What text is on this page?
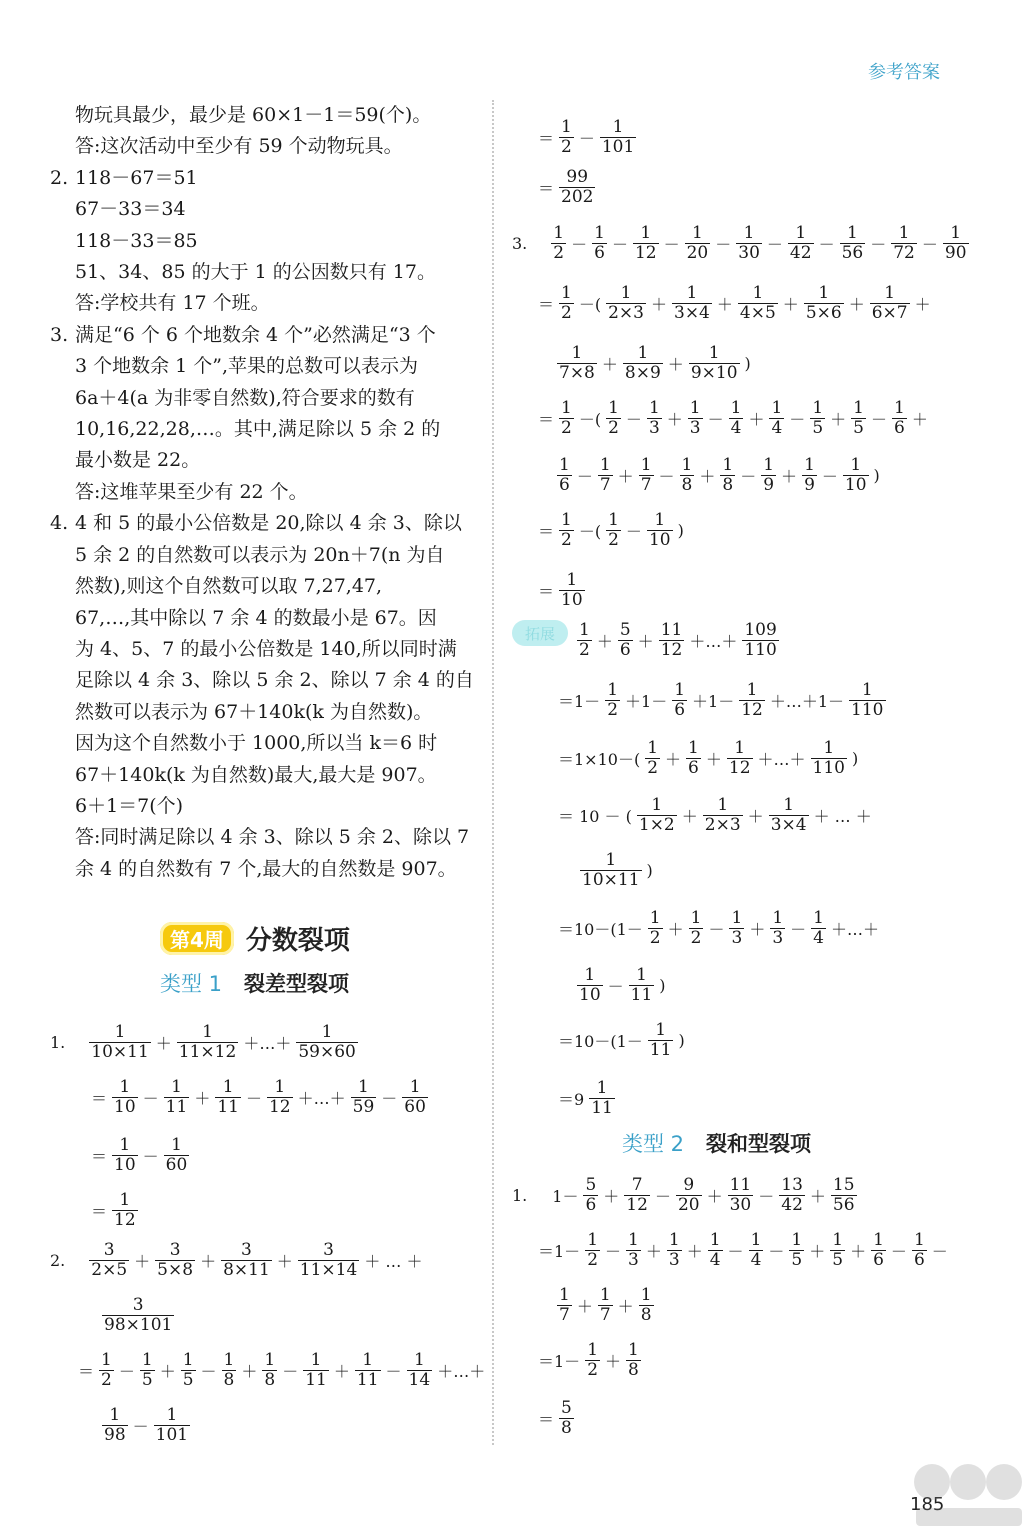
参考答案
物玩具最少，最少是 60×1－1＝59(个)。
答:这次活动中至少有 59 个动物玩具。
2. 118－67＝51
67－33＝34
118－33＝85
51、34、85 的大于 1 的公因数只有 17。
答:学校共有 17 个班。
3. 满足“6 个 6 个地数余 4 个”必然满足“3 个
3 个地数余 1 个”,苹果的总数可以表示为
6a＋4(a 为非零自然数),符合要求的数有
10,16,22,28,…。其中,满足除以 5 余 2 的
最小数是 22。
答:这堆苹果至少有 22 个。
4. 4 和 5 的最小公倍数是 20,除以 4 余 3、除以
5 余 2 的自然数可以表示为 20n＋7(n 为自
然数),则这个自然数可以取 7,27,47,
67,…,其中除以 7 余 4 的数最小是 67。因
为 4、5、7 的最小公倍数是 140,所以同时满
足除以 4 余 3、除以 5 余 2、除以 7 余 4 的自
然数可以表示为 67＋140k(k 为自然数)。
因为这个自然数小于 1000,所以当 k＝6 时
67＋140k(k 为自然数)最大,最大是 907。
6＋1＝7(个)
答:同时满足除以 4 余 3、除以 5 余 2、除以 7
余 4 的自然数有 7 个,最大的自然数是 907。
第4周 分数裂项
类型 1 裂差型裂项
类型 2 裂和型裂项
拓展
＝ $\frac{1}{2} - \frac{1}{101}$
＝ $\frac{99}{202}$
3. $\frac{1}{2} - \frac{1}{6} - \frac{1}{12} - \frac{1}{20} - \frac{1}{30} - \frac{1}{42} - \frac{1}{56} - \frac{1}{72} - \frac{1}{90}$
＝ $\frac{1}{2}$ －( $\frac{1}{2\times 3} + \frac{1}{3\times 4} + \frac{1}{4\times 5} + \frac{1}{5\times 6} + \frac{1}{6\times 7}$ ＋
$\frac{1}{7\times 8} + \frac{1}{8\times 9} + \frac{1}{9\times 10}$ )
＝ $\frac{1}{2}$ －( $\frac{1}{2} - \frac{1}{3} + \frac{1}{3} - \frac{1}{4} + \frac{1}{4} - \frac{1}{5} + \frac{1}{5} - \frac{1}{6}$ ＋
$\frac{1}{6} - \frac{1}{7} + \frac{1}{7} - \frac{1}{8} + \frac{1}{8} - \frac{1}{9} + \frac{1}{9} - \frac{1}{10}$ )
＝ $\frac{1}{2}$ －( $\frac{1}{2} - \frac{1}{10}$ )
＝ $\frac{1}{10}$
$\frac{1}{2} + \frac{5}{6} + \frac{11}{12}$ ＋…＋ $\frac{109}{110}$
$=1- \frac{1}{2} +1- \frac{1}{6} +1- \frac{1}{12}$ ＋…＋1－ $\frac{1}{110}$
$=1\times 10-( \frac{1}{2} + \frac{1}{6} + \frac{1}{12}$ ＋…＋ $\frac{1}{110}$ )
＝ 10 － ( $\frac{1}{1\times 2} + \frac{1}{2\times 3} + \frac{1}{3\times 4}$ ＋ … ＋
$\frac{1}{10\times 11}$ )
$=10-(1- \frac{1}{2} + \frac{1}{2} - \frac{1}{3} + \frac{1}{3} - \frac{1}{4}$ ＋…＋
$\frac{1}{10} - \frac{1}{11}$ )
$=10-(1- \frac{1}{11}$ )
$=9 \frac{1}{11}$
1. $1- \frac{5}{6} + \frac{7}{12} - \frac{9}{20} + \frac{11}{30} - \frac{13}{42} + \frac{15}{56}$
$=1- \frac{1}{2} - \frac{1}{3} + \frac{1}{3} + \frac{1}{4} - \frac{1}{4} - \frac{1}{5} + \frac{1}{5} + \frac{1}{6} - \frac{1}{6}$ －
$\frac{1}{7} + \frac{1}{7} + \frac{1}{8}$
$=1- \frac{1}{2} + \frac{1}{8}$
＝ $\frac{5}{8}$
1. $\frac{1}{10\times 11} + \frac{1}{11\times 12}$ ＋…＋ $\frac{1}{59\times 60}$
＝ $\frac{1}{10} - \frac{1}{11} + \frac{1}{11} - \frac{1}{12}$ ＋…＋ $\frac{1}{59} - \frac{1}{60}$
＝ $\frac{1}{10} - \frac{1}{60}$
＝ $\frac{1}{12}$
2. $\frac{3}{2\times 5} + \frac{3}{5\times 8} + \frac{3}{8\times 11} + \frac{3}{11\times 14}$ ＋ … ＋
$\frac{3}{98\times 101}$
＝ $\frac{1}{2} - \frac{1}{5} + \frac{1}{5} - \frac{1}{8} + \frac{1}{8} - \frac{1}{11} + \frac{1}{11} - \frac{1}{14}$ ＋…＋
$\frac{1}{98} - \frac{1}{101}$
185
